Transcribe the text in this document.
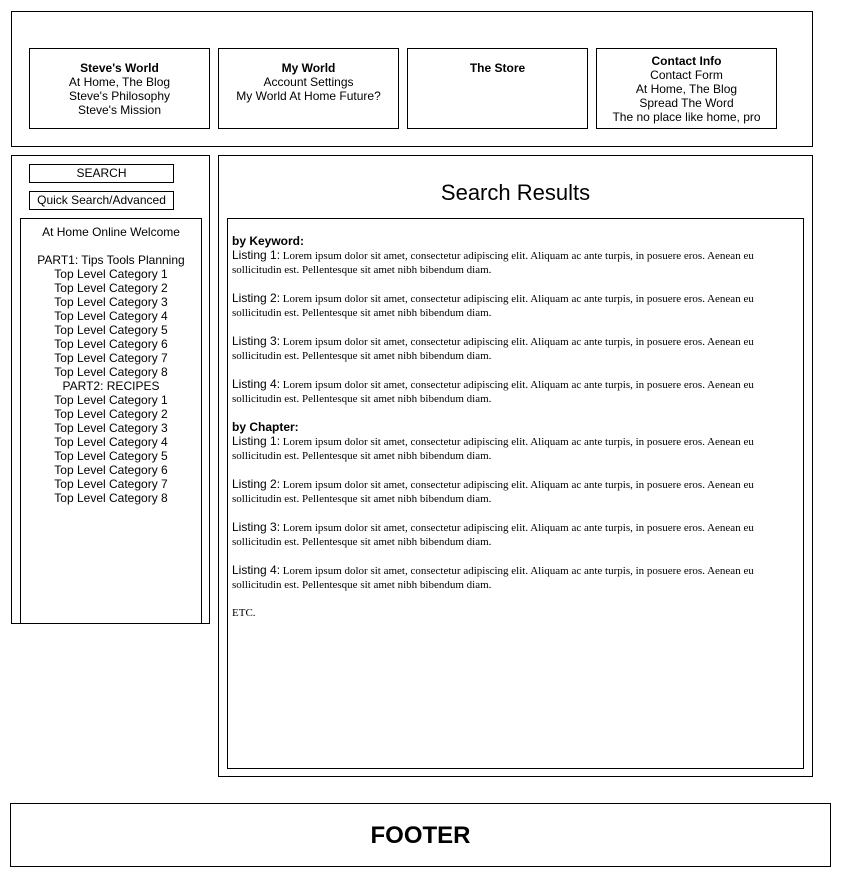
Steve's World
At Home, The Blog
Steve's Philosophy
Steve's Mission
My World
Account Settings
My World At Home Future?
The Store	Contact Info
Contact Form
At Home, The Blog
Spread The Word
The no place like home, pro
SEARCH
Quick Search/Advanced
At Home Online Welcome
PART1: Tips Tools Planning
Top Level Category 1
Top Level Category 2
Top Level Category 3
Top Level Category 4
Top Level Category 5
Top Level Category 6
Top Level Category 7
Top Level Category 8
PART2: RECIPES
Top Level Category 1
Top Level Category 2
Top Level Category 3
Top Level Category 4
Top Level Category 5
Top Level Category 6
Top Level Category 7
Top Level Category 8
Search Results
by Keyword:
Listing 1: Lorem ipsum dolor sit amet, consectetur adipiscing elit. Aliquam ac ante turpis, in posuere eros. Aenean eu sollicitudin est. Pellentesque sit amet nibh bibendum diam.
Listing 2: Lorem ipsum dolor sit amet, consectetur adipiscing elit. Aliquam ac ante turpis, in posuere eros. Aenean eu sollicitudin est. Pellentesque sit amet nibh bibendum diam.
Listing 3: Lorem ipsum dolor sit amet, consectetur adipiscing elit. Aliquam ac ante turpis, in posuere eros. Aenean eu sollicitudin est. Pellentesque sit amet nibh bibendum diam.
Listing 4: Lorem ipsum dolor sit amet, consectetur adipiscing elit. Aliquam ac ante turpis, in posuere eros. Aenean eu sollicitudin est. Pellentesque sit amet nibh bibendum diam.
by Chapter:
Listing 1: Lorem ipsum dolor sit amet, consectetur adipiscing elit. Aliquam ac ante turpis, in posuere eros. Aenean eu sollicitudin est. Pellentesque sit amet nibh bibendum diam.
Listing 2: Lorem ipsum dolor sit amet, consectetur adipiscing elit. Aliquam ac ante turpis, in posuere eros. Aenean eu sollicitudin est. Pellentesque sit amet nibh bibendum diam.
Listing 3: Lorem ipsum dolor sit amet, consectetur adipiscing elit. Aliquam ac ante turpis, in posuere eros. Aenean eu sollicitudin est. Pellentesque sit amet nibh bibendum diam.
Listing 4: Lorem ipsum dolor sit amet, consectetur adipiscing elit. Aliquam ac ante turpis, in posuere eros. Aenean eu sollicitudin est. Pellentesque sit amet nibh bibendum diam.
ETC.
FOOTER
